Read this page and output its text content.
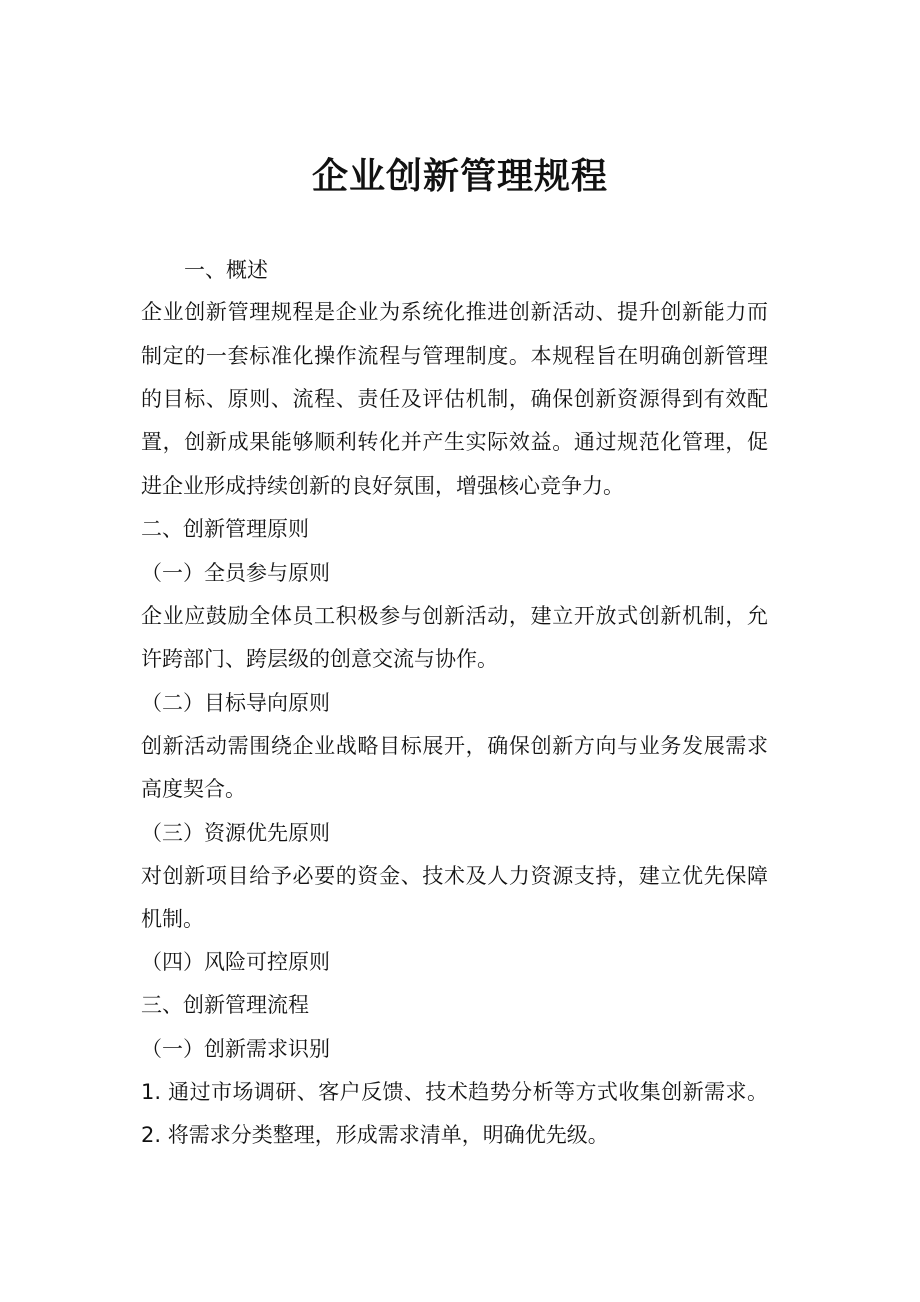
企业创新管理规程
一、概述
企业创新管理规程是企业为系统化推进创新活动、提升创新能力而
制定的一套标准化操作流程与管理制度。本规程旨在明确创新管理
的目标、原则、流程、责任及评估机制，确保创新资源得到有效配
置，创新成果能够顺利转化并产生实际效益。通过规范化管理，促
进企业形成持续创新的良好氛围，增强核心竞争力。
二、创新管理原则
（一）全员参与原则
企业应鼓励全体员工积极参与创新活动，建立开放式创新机制，允
许跨部门、跨层级的创意交流与协作。
（二）目标导向原则
创新活动需围绕企业战略目标展开，确保创新方向与业务发展需求
高度契合。
（三）资源优先原则
对创新项目给予必要的资金、技术及人力资源支持，建立优先保障
机制。
（四）风险可控原则
三、创新管理流程
（一）创新需求识别
1. 通过市场调研、客户反馈、技术趋势分析等方式收集创新需求。
2. 将需求分类整理，形成需求清单，明确优先级。
